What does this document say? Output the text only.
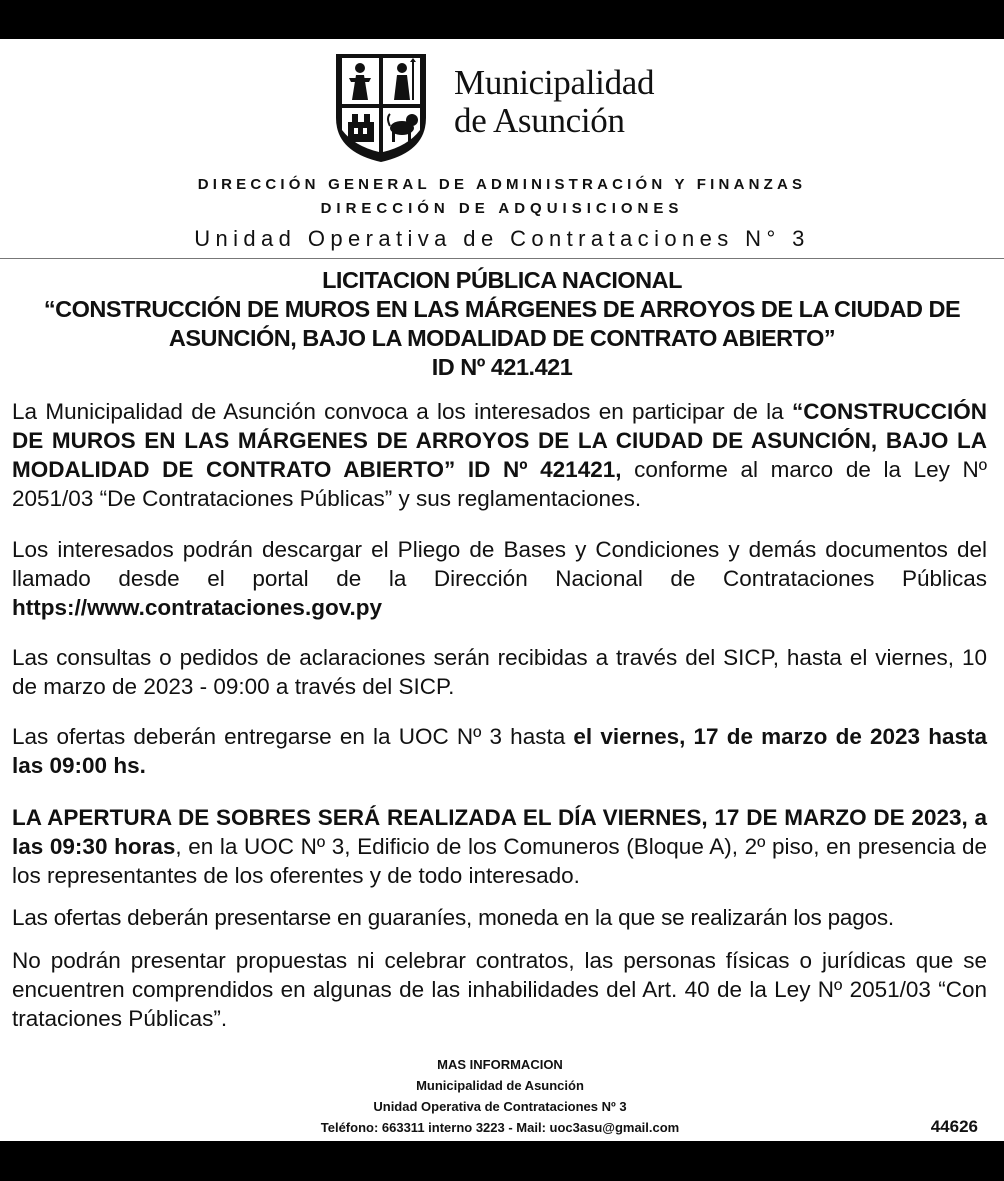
Municipalidad
de Asunción
DIRECCIÓN GENERAL DE ADMINISTRACIÓN Y FINANZAS
DIRECCIÓN DE ADQUISICIONES
Unidad Operativa de Contrataciones N° 3
LICITACION PÚBLICA NACIONAL
“CONSTRUCCIÓN DE MUROS EN LAS MÁRGENES DE ARROYOS DE LA CIUDAD DE
ASUNCIÓN, BAJO LA MODALIDAD DE CONTRATO ABIERTO”
ID Nº 421.421

La Municipalidad de Asunción convoca a los interesados en participar de la “CONSTRUCCIÓN DE MUROS EN LAS MÁRGENES DE ARROYOS DE LA CIUDAD DE ASUNCIÓN, BAJO LA MODALIDAD DE CONTRATO ABIERTO” ID Nº 421421, conforme al marco de la Ley Nº 2051/03 “De Contrataciones Públicas” y sus reglamentaciones.

Los interesados podrán descargar el Pliego de Bases y Condiciones y demás documentos del llamado desde el portal de la Dirección Nacional de Contrataciones Públicas https://www.contrataciones.gov.py

Las consultas o pedidos de aclaraciones serán recibidas a través del SICP, hasta el viernes, 10 de marzo de 2023 - 09:00 a través del SICP.

Las ofertas deberán entregarse en la UOC Nº 3 hasta el viernes, 17 de marzo de 2023 hasta las 09:00 hs.

LA APERTURA DE SOBRES SERÁ REALIZADA EL DÍA VIERNES, 17 DE MARZO DE 2023, a las 09:30 horas, en la UOC Nº 3, Edificio de los Comuneros (Bloque A), 2º piso, en presencia de los representantes de los oferentes y de todo interesado.

Las ofertas deberán presentarse en guaraníes, moneda en la que se realizarán los pagos.

No podrán presentar propuestas ni celebrar contratos, las personas físicas o jurídicas que se encuentren comprendidos en algunas de las inhabilidades del Art. 40 de la Ley Nº 2051/03 “Con trataciones Públicas”.

MAS INFORMACION
Municipalidad de Asunción
Unidad Operativa de Contrataciones Nº 3
Teléfono: 663311 interno 3223 - Mail: uoc3asu@gmail.com	44626
